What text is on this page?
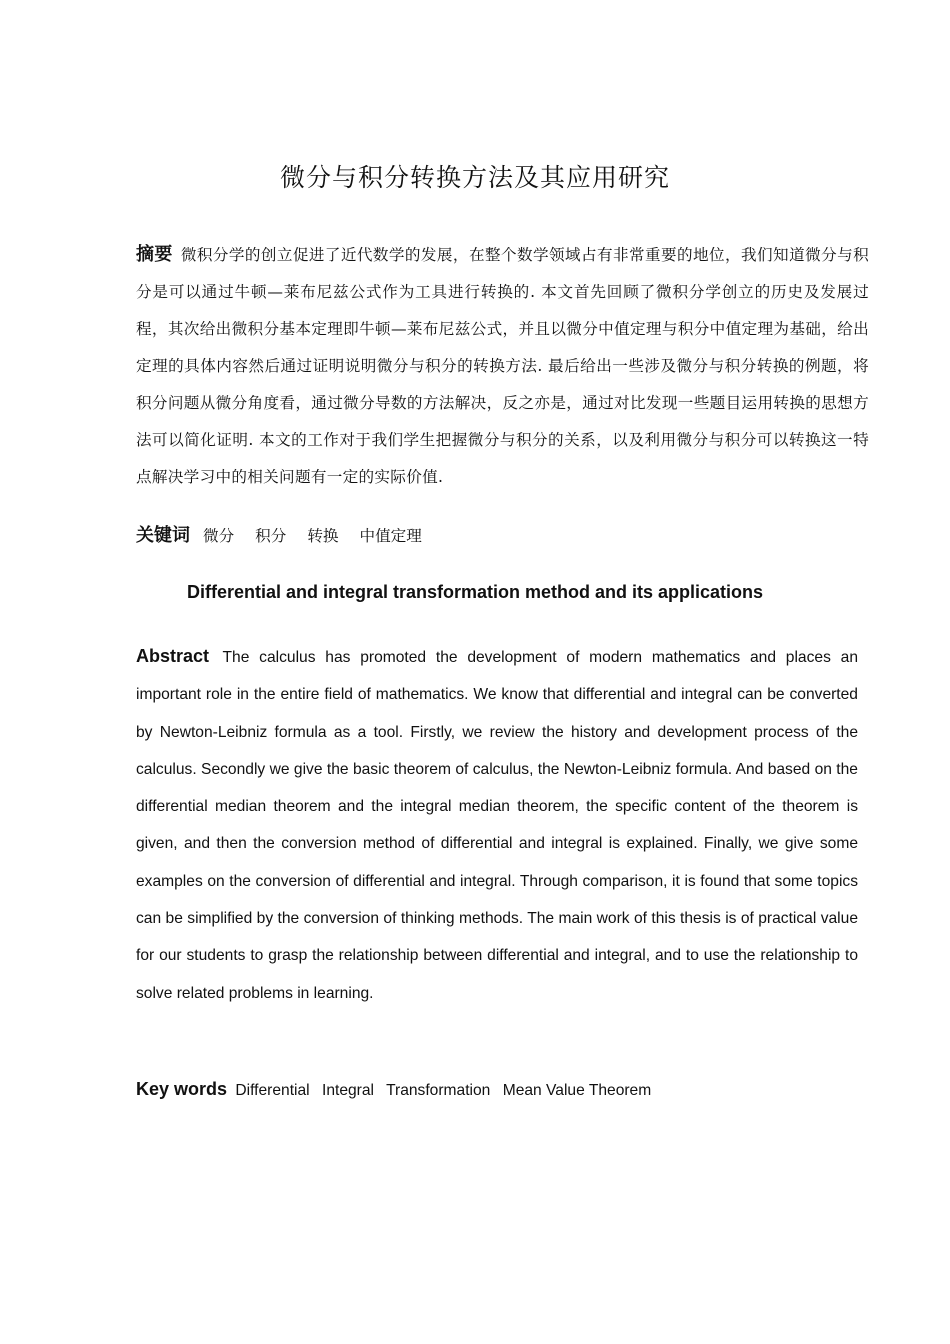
微分与积分转换方法及其应用研究
摘要 微积分学的创立促进了近代数学的发展，在整个数学领域占有非常重要的地位，我们知道微分与积分是可以通过牛顿—莱布尼兹公式作为工具进行转换的. 本文首先回顾了微积分学创立的历史及发展过程，其次给出微积分基本定理即牛顿—莱布尼兹公式，并且以微分中值定理与积分中值定理为基础，给出定理的具体内容然后通过证明说明微分与积分的转换方法. 最后给出一些涉及微分与积分转换的例题，将积分问题从微分角度看，通过微分导数的方法解决，反之亦是，通过对比发现一些题目运用转换的思想方法可以简化证明. 本文的工作对于我们学生把握微分与积分的关系，以及利用微分与积分可以转换这一特点解决学习中的相关问题有一定的实际价值.
关键词 微分 积分 转换 中值定理
Differential and integral transformation method and its applications
Abstract The calculus has promoted the development of modern mathematics and places an important role in the entire field of mathematics. We know that differential and integral can be converted by Newton-Leibniz formula as a tool. Firstly, we review the history and development process of the calculus. Secondly we give the basic theorem of calculus, the Newton-Leibniz formula. And based on the differential median theorem and the integral median theorem, the specific content of the theorem is given, and then the conversion method of differential and integral is explained. Finally, we give some examples on the conversion of differential and integral. Through comparison, it is found that some topics can be simplified by the conversion of thinking methods. The main work of this thesis is of practical value for our students to grasp the relationship between differential and integral, and to use the relationship to solve related problems in learning.
Key words Differential Integral Transformation Mean Value Theorem
